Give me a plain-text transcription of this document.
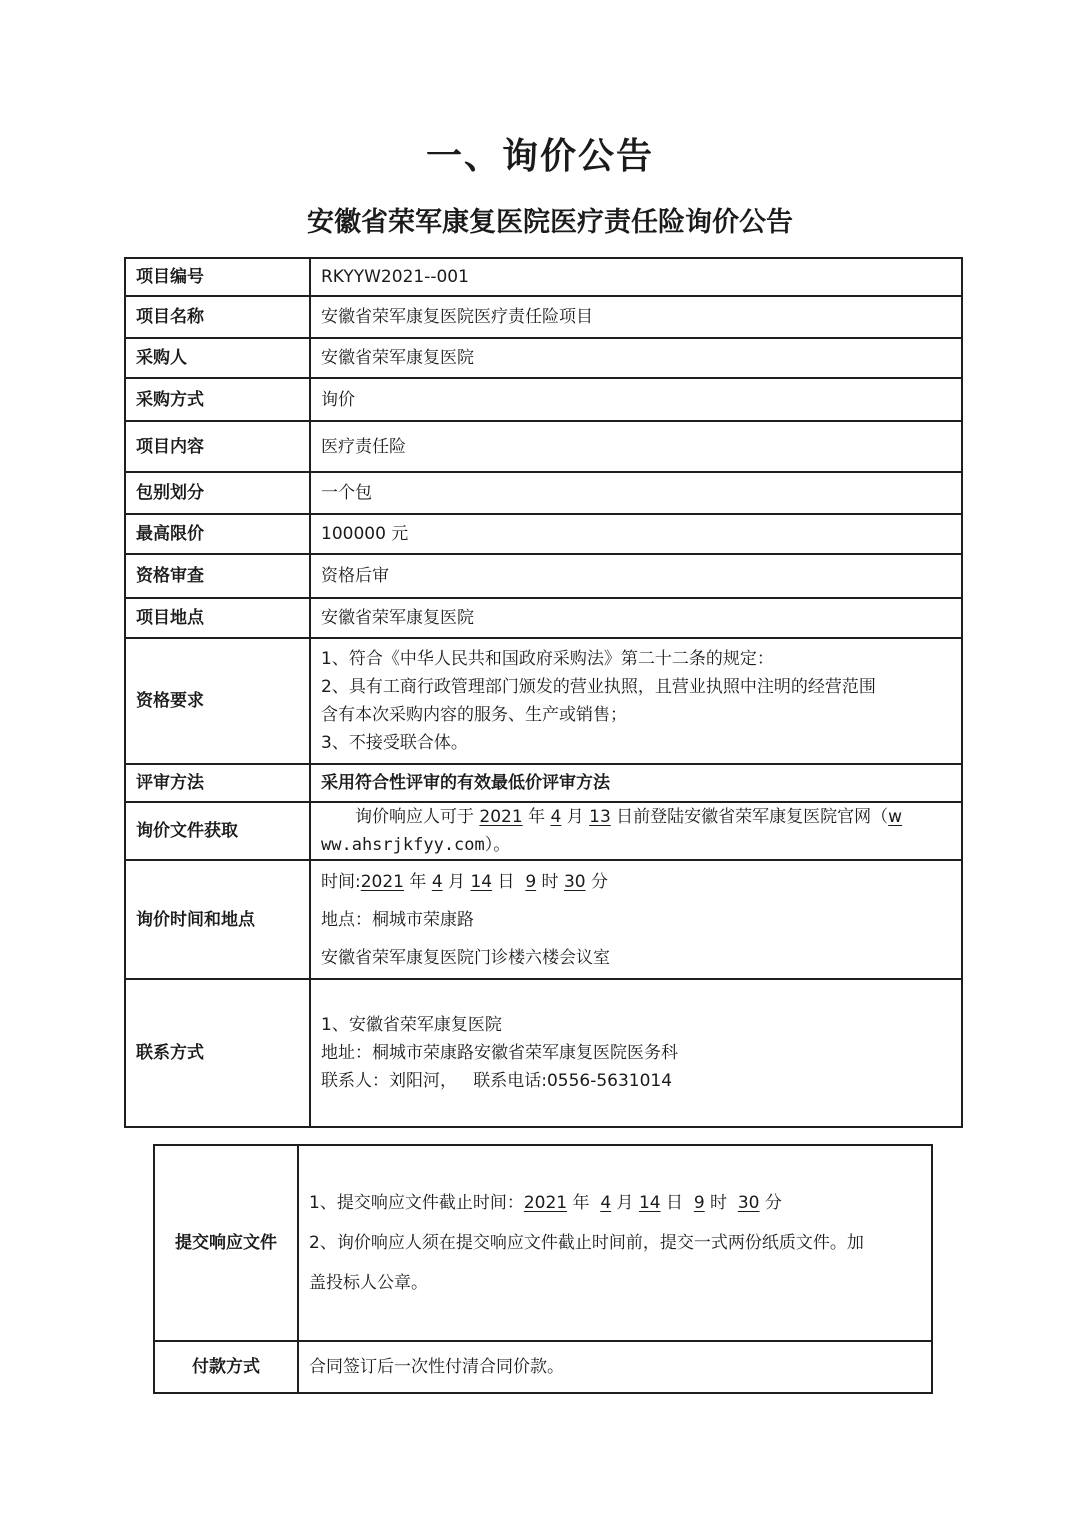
一、询价公告
安徽省荣军康复医院医疗责任险询价公告
项目编号	RKYYW2021--001
项目名称	安徽省荣军康复医院医疗责任险项目
采购人	安徽省荣军康复医院
采购方式	询价
项目内容	医疗责任险
包别划分	一个包
最高限价	100000 元
资格审查	资格后审
项目地点	安徽省荣军康复医院
资格要求	1、符合《中华人民共和国政府采购法》第二十二条的规定：
2、具有工商行政管理部门颁发的营业执照，且营业执照中注明的经营范围
含有本次采购内容的服务、生产或销售；
3、不接受联合体。

评审方法	采用符合性评审的有效最低价评审方法
询价文件获取	询价响应人可于 2021 年 4 月 13 日前登陆安徽省荣军康复医院官网（w
ww.ahsrjkfyy.com）。

询价时间和地点	时间:2021 年 4 月 14 日 9 时 30 分
地点：桐城市荣康路
安徽省荣军康复医院门诊楼六楼会议室

联系方式	1、安徽省荣军康复医院
地址：桐城市荣康路安徽省荣军康复医院医务科
联系人：刘阳河，   联系电话:0556-5631014
提交响应文件	1、提交响应文件截止时间：2021 年 4 月 14 日 9 时 30 分
2、询价响应人须在提交响应文件截止时间前，提交一式两份纸质文件。加
盖投标人公章。

付款方式	合同签订后一次性付清合同价款。
